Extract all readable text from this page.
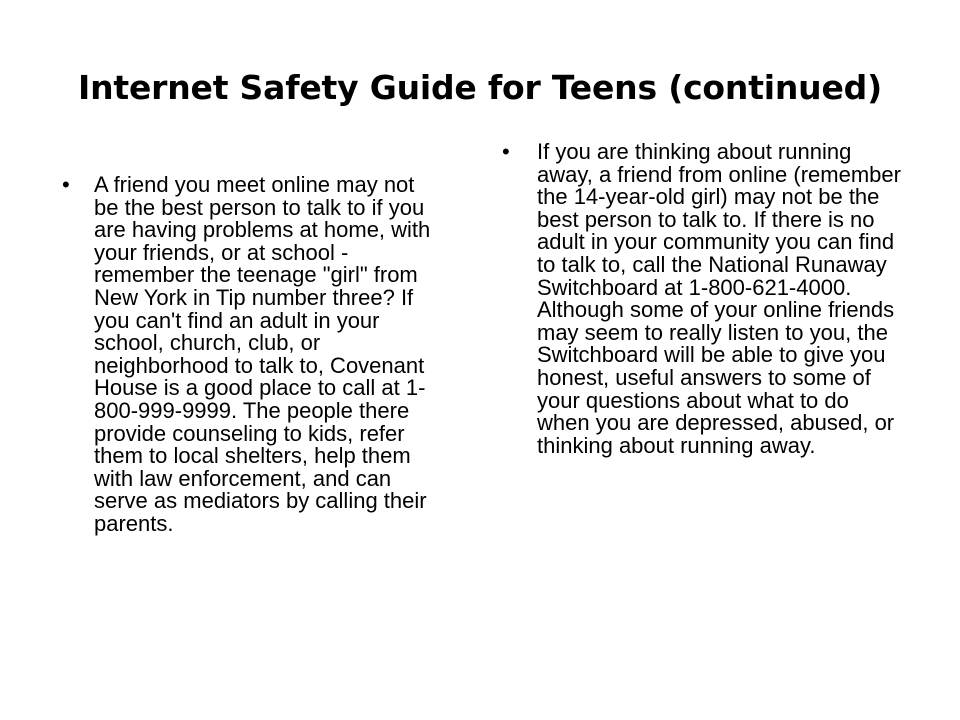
Internet Safety Guide for Teens (continued)
• A friend you meet online may not be the best person to talk to if you are having problems at home, with your friends, or at school - remember the teenage "girl" from New York in Tip number three? If you can't find an adult in your school, church, club, or neighborhood to talk to, Covenant House is a good place to call at 1-800-999-9999. The people there provide counseling to kids, refer them to local shelters, help them with law enforcement, and can serve as mediators by calling their parents.
• If you are thinking about running away, a friend from online (remember the 14-year-old girl) may not be the best person to talk to. If there is no adult in your community you can find to talk to, call the National Runaway Switchboard at 1-800-621-4000. Although some of your online friends may seem to really listen to you, the Switchboard will be able to give you honest, useful answers to some of your questions about what to do when you are depressed, abused, or thinking about running away.
